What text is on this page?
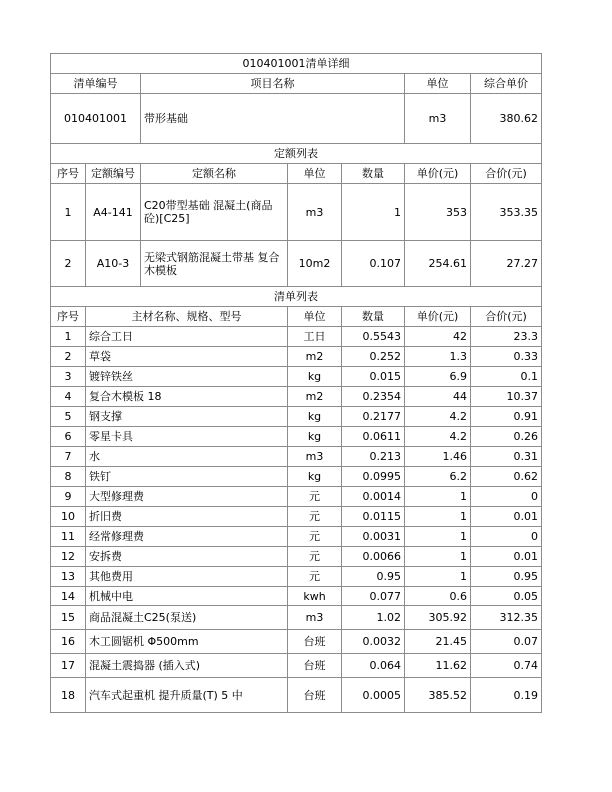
010401001清单详细						
清单编号		项目名称			单位	综合单价
010401001		带形基础			m3	380.62
定额列表						
序号	定额编号	定额名称	单位	数量	单价(元)	合价(元)
1	A4-141	C20带型基础 混凝土(商品砼)[C25]	m3	1	353	353.35
2	A10-3	无梁式钢筋混凝土带基 复合木模板	10m2	0.107	254.61	27.27
清单列表						
序号	主材名称、规格、型号		单位	数量	单价(元)	合价(元)
1	综合工日		工日	0.5543	42	23.3
2	草袋		m2	0.252	1.3	0.33
3	镀锌铁丝		kg	0.015	6.9	0.1
4	复合木模板 18		m2	0.2354	44	10.37
5	钢支撑		kg	0.2177	4.2	0.91
6	零星卡具		kg	0.0611	4.2	0.26
7	水		m3	0.213	1.46	0.31
8	铁钉		kg	0.0995	6.2	0.62
9	大型修理费		元	0.0014	1	0
10	折旧费		元	0.0115	1	0.01
11	经常修理费		元	0.0031	1	0
12	安拆费		元	0.0066	1	0.01
13	其他费用		元	0.95	1	0.95
14	机械中电		kwh	0.077	0.6	0.05
15	商品混凝土C25(泵送)		m3	1.02	305.92	312.35
16	木工圆锯机 Φ500mm		台班	0.0032	21.45	0.07
17	混凝土震捣器 (插入式)		台班	0.064	11.62	0.74
18	汽车式起重机 提升质量(T) 5 中		台班	0.0005	385.52	0.19
